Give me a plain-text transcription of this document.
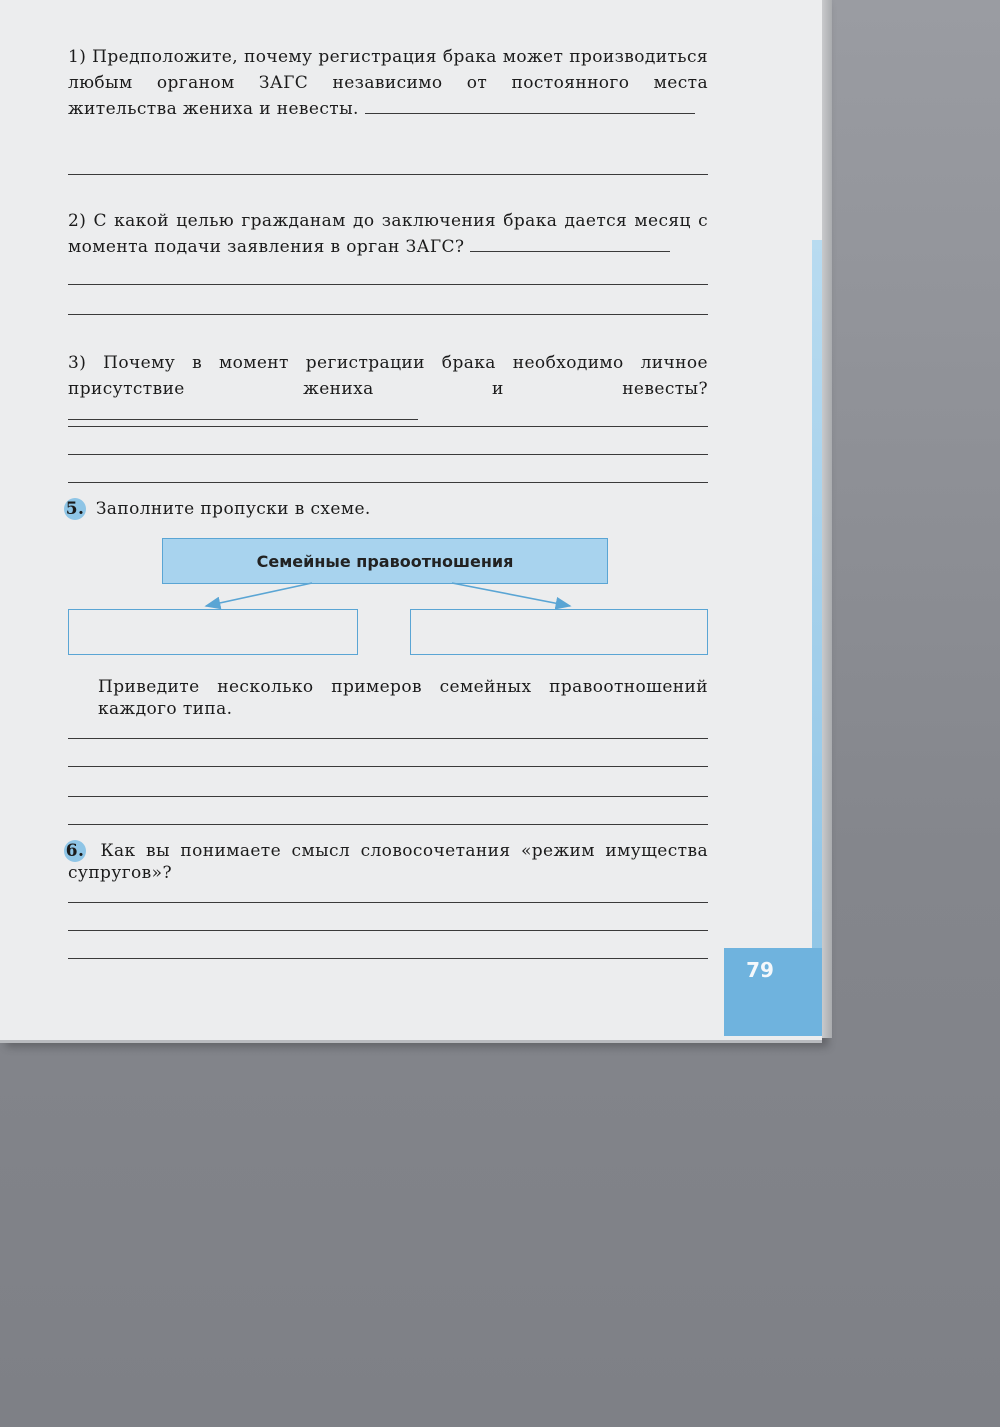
1) Предположите, почему регистрация брака может производиться любым органом ЗАГС независимо от постоянного места жительства жениха и невесты.
2) С какой целью гражданам до заключения брака дается месяц с момента подачи заявления в орган ЗАГС?
3) Почему в момент регистрации брака необходимо личное присутствие жениха и невесты?
5. Заполните пропуски в схеме.
Семейные правоотношения
Приведите несколько примеров семейных правоотношений каждого типа.
6. Как вы понимаете смысл словосочетания «режим имущества супругов»?
79
